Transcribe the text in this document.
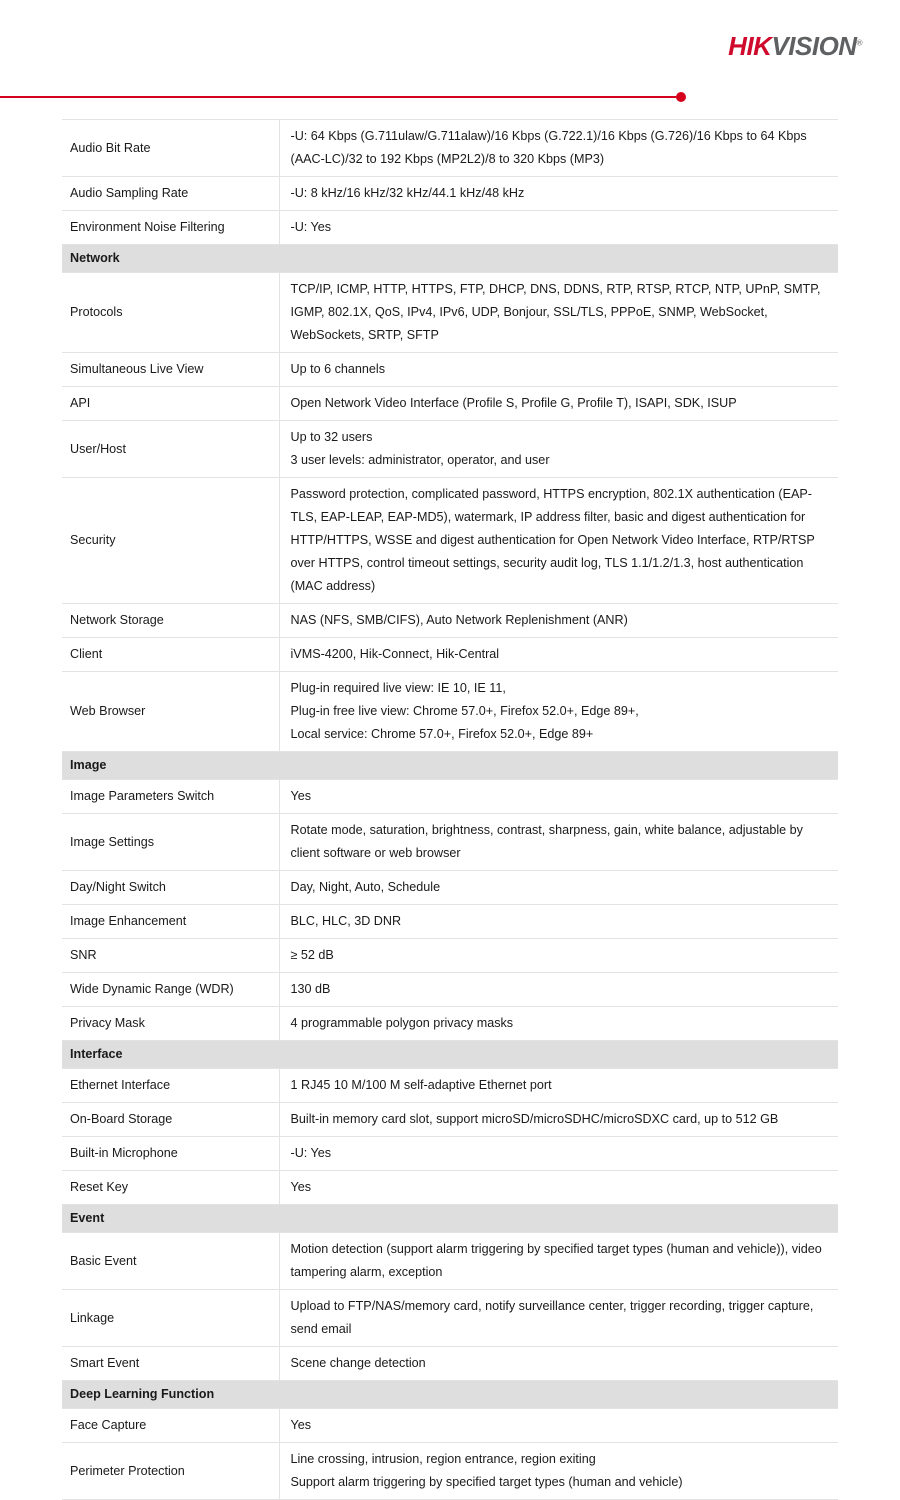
HIKVISION®
Audio Bit Rate	-U: 64 Kbps (G.711ulaw/G.711alaw)/16 Kbps (G.722.1)/16 Kbps (G.726)/16 Kbps to 64 Kbps (AAC-LC)/32 to 192 Kbps (MP2L2)/8 to 320 Kbps (MP3)

Audio Sampling Rate	-U: 8 kHz/16 kHz/32 kHz/44.1 kHz/48 kHz

Environment Noise Filtering	-U: Yes

Network	
Protocols	TCP/IP, ICMP, HTTP, HTTPS, FTP, DHCP, DNS, DDNS, RTP, RTSP, RTCP, NTP, UPnP, SMTP, IGMP, 802.1X, QoS, IPv4, IPv6, UDP, Bonjour, SSL/TLS, PPPoE, SNMP, WebSocket, WebSockets, SRTP, SFTP

Simultaneous Live View	Up to 6 channels

API	Open Network Video Interface (Profile S, Profile G, Profile T), ISAPI, SDK, ISUP

User/Host	Up to 32 users
3 user levels: administrator, operator, and user

Security	Password protection, complicated password, HTTPS encryption, 802.1X authentication (EAP-TLS, EAP-LEAP, EAP-MD5), watermark, IP address filter, basic and digest authentication for HTTP/HTTPS, WSSE and digest authentication for Open Network Video Interface, RTP/RTSP over HTTPS, control timeout settings, security audit log, TLS 1.1/1.2/1.3, host authentication (MAC address)

Network Storage	NAS (NFS, SMB/CIFS), Auto Network Replenishment (ANR)

Client	iVMS-4200, Hik-Connect, Hik-Central

Web Browser	Plug-in required live view: IE 10, IE 11,
Plug-in free live view: Chrome 57.0+, Firefox 52.0+, Edge 89+,
Local service: Chrome 57.0+, Firefox 52.0+, Edge 89+

Image	
Image Parameters Switch	Yes

Image Settings	Rotate mode, saturation, brightness, contrast, sharpness, gain, white balance, adjustable by client software or web browser

Day/Night Switch	Day, Night, Auto, Schedule

Image Enhancement	BLC, HLC, 3D DNR

SNR	≥ 52 dB

Wide Dynamic Range (WDR)	130 dB

Privacy Mask	4 programmable polygon privacy masks

Interface	
Ethernet Interface	1 RJ45 10 M/100 M self-adaptive Ethernet port

On-Board Storage	Built-in memory card slot, support microSD/microSDHC/microSDXC card, up to 512 GB

Built-in Microphone	-U: Yes

Reset Key	Yes

Event	
Basic Event	Motion detection (support alarm triggering by specified target types (human and vehicle)), video tampering alarm, exception

Linkage	Upload to FTP/NAS/memory card, notify surveillance center, trigger recording, trigger capture, send email

Smart Event	Scene change detection

Deep Learning Function	
Face Capture	Yes

Perimeter Protection	Line crossing, intrusion, region entrance, region exiting
Support alarm triggering by specified target types (human and vehicle)
